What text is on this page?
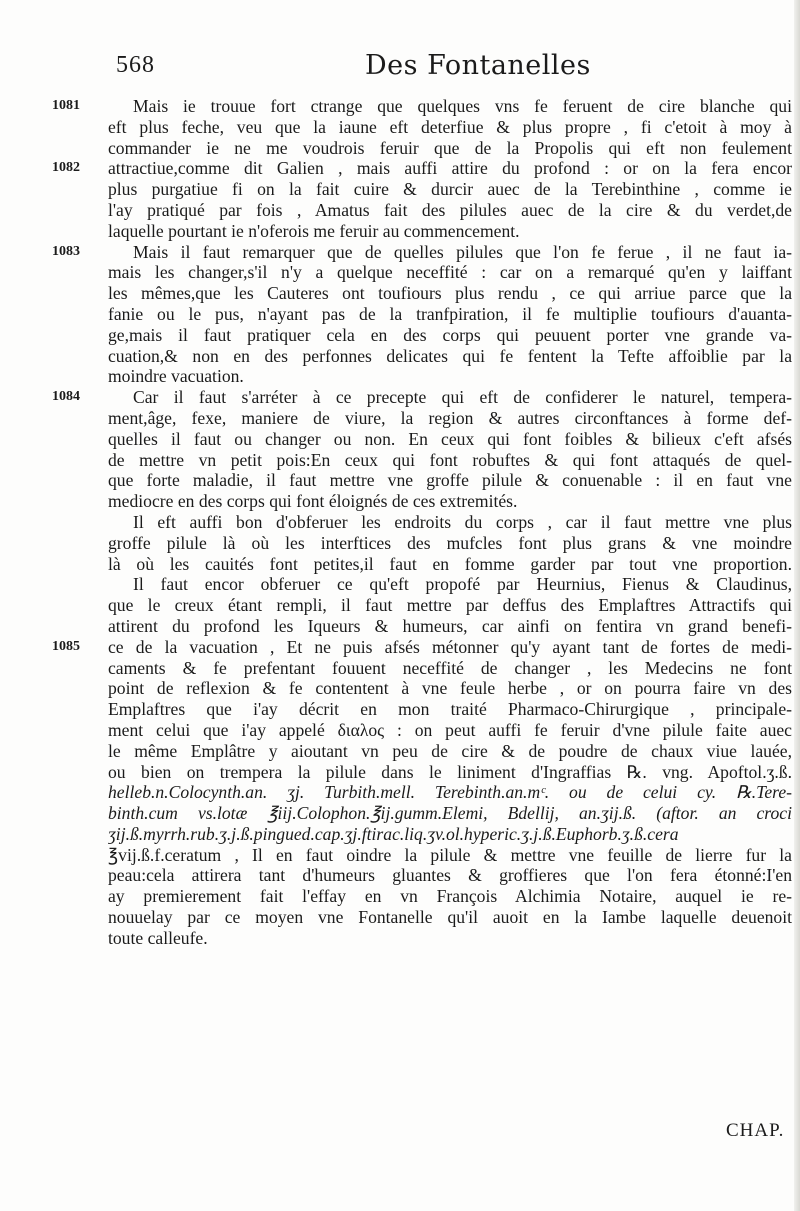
568	Des Fontanelles
1081	Mais ie trouue fort ctrange que quelques vns fe feruent de cire blanche qui
eft plus feche, veu que la iaune eft deterfiue & plus propre , fi c'etoit à moy à
commander ie ne me voudrois feruir que de la Propolis qui eft non feulement
1082	attractiue,comme dit Galien , mais auffi attire du profond : or on la fera encor
plus purgatiue fi on la fait cuire & durcir auec de la Terebinthine , comme ie
l'ay pratiqué par fois , Amatus fait des pilules auec de la cire & du verdet,de
laquelle pourtant ie n'oferois me feruir au commencement.
1083	Mais il faut remarquer que de quelles pilules que l'on fe ferue , il ne faut ia-
mais les changer,s'il n'y a quelque neceffité : car on a remarqué qu'en y laiffant
les mêmes,que les Cauteres ont toufiours plus rendu , ce qui arriue parce que la
fanie ou le pus, n'ayant pas de la tranfpiration, il fe multiplie toufiours d'auanta-
ge,mais il faut pratiquer cela en des corps qui peuuent porter vne grande va-
cuation,& non en des perfonnes delicates qui fe fentent la Tefte affoiblie par la
moindre vacuation.
1084	Car il faut s'arréter à ce precepte qui eft de confiderer le naturel, tempera-
ment,âge, fexe, maniere de viure, la region & autres circonftances à forme def-
quelles il faut ou changer ou non. En ceux qui font foibles & bilieux c'eft afsés
de mettre vn petit pois:En ceux qui font robuftes & qui font attaqués de quel-
que forte maladie, il faut mettre vne groffe pilule & conuenable : il en faut vne
mediocre en des corps qui font éloignés de ces extremités.
Il eft auffi bon d'obferuer les endroits du corps , car il faut mettre vne plus
groffe pilule là où les interftices des mufcles font plus grans & vne moindre
là où les cauités font petites,il faut en fomme garder par tout vne proportion.
Il faut encor obferuer ce qu'eft propofé par Heurnius, Fienus & Claudinus,
que le creux étant rempli, il faut mettre par deffus des Emplaftres Attractifs qui
attirent du profond les Iqueurs & humeurs, car ainfi on fentira vn grand benefi-
1085	ce de la vacuation , Et ne puis afsés métonner qu'y ayant tant de fortes de medi-
caments & fe prefentant fouuent neceffité de changer , les Medecins ne font
point de reflexion & fe contentent à vne feule herbe , or on pourra faire vn des
Emplaftres que i'ay décrit en mon traité Pharmaco-Chirurgique , principale-
ment celui que i'ay appelé διαλος : on peut auffi fe feruir d'vne pilule faite auec
le même Emplâtre y aioutant vn peu de cire & de poudre de chaux viue lauée,
ou bien on trempera la pilule dans le liniment d'Ingraffias ℞. vng. Apoftol.ʒ.ß.
helleb.n.Colocynth.an. ʒj. Turbith.mell. Terebinth.an.mᶜ. ou de celui cy. ℞.Tere-
binth.cum vs.lotæ ℥iij.Colophon.℥ij.gumm.Elemi, Bdellij, an.ʒij.ß. (aftor. an croci
ʒij.ß.myrrh.rub.ʒ.j.ß.pingued.cap.ʒj.ftirac.liq.ʒv.ol.hyperic.ʒ.j.ß.Euphorb.ʒ.ß.cera
℥vij.ß.f.ceratum , Il en faut oindre la pilule & mettre vne feuille de lierre fur la
peau:cela attirera tant d'humeurs gluantes & groffieres que l'on fera étonné:I'en
ay premierement fait l'effay en vn François Alchimia Notaire, auquel ie re-
nouuelay par ce moyen vne Fontanelle qu'il auoit en la Iambe laquelle deuenoit
toute calleufe.
CHAP.
